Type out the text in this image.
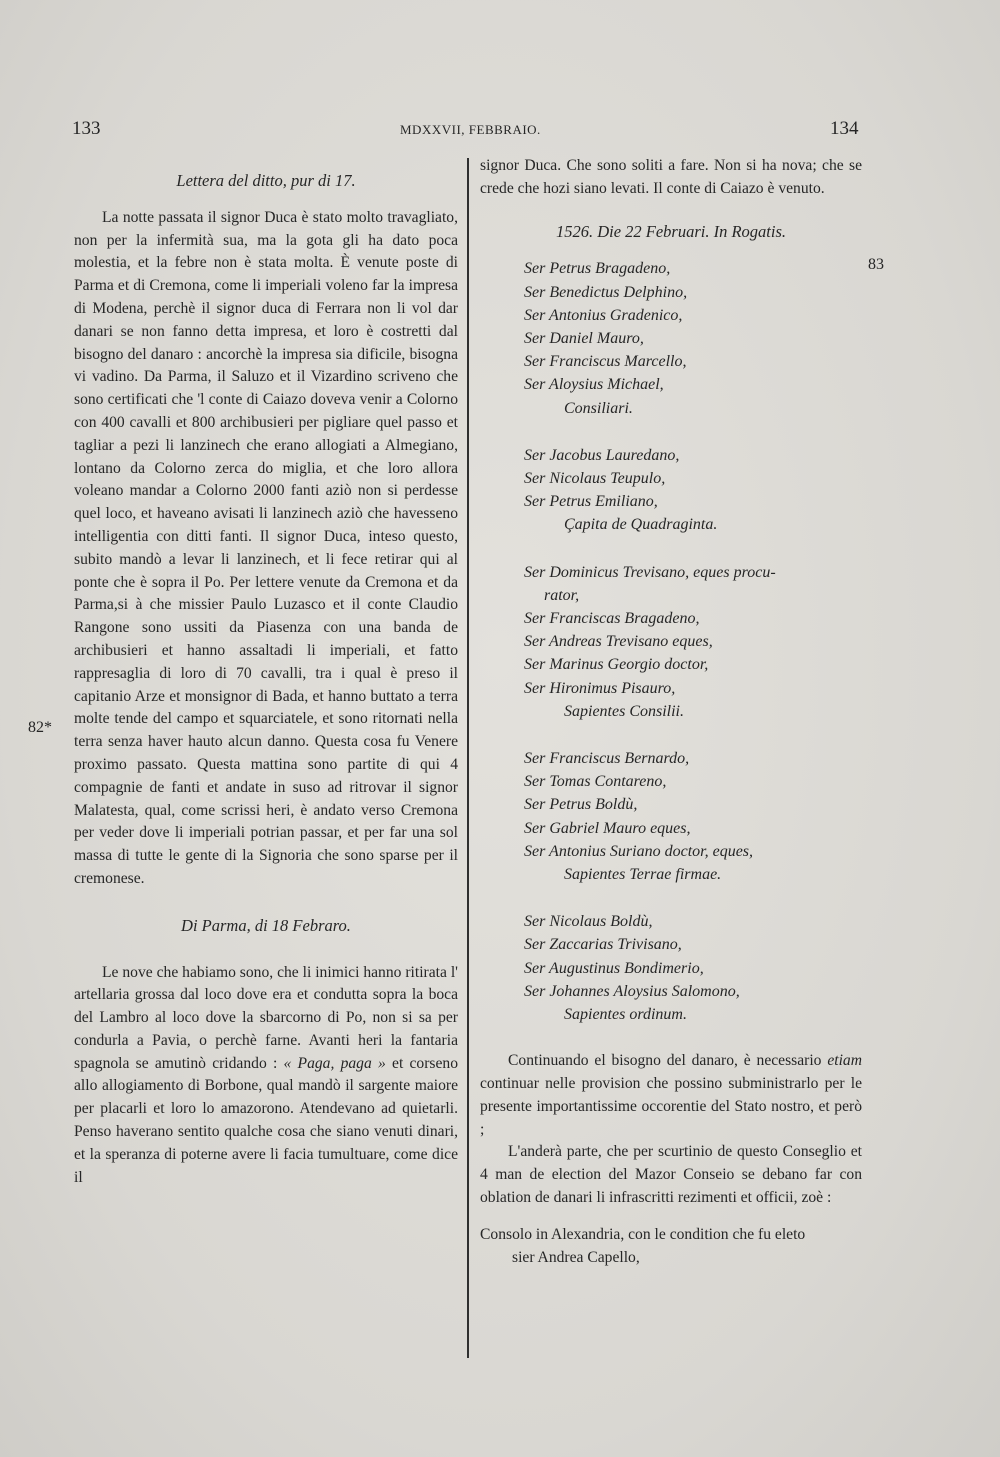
133	MDXXVII, FEBBRAIO.	134
82*
83

Lettera del ditto, pur di 17.

La notte passata il signor Duca è stato molto travagliato, non per la infermità sua, ma la gota gli ha dato poca molestia, et la febre non è stata molta. È venute poste di Parma et di Cremona, come li imperiali voleno far la impresa di Modena, perchè il signor duca di Ferrara non li vol dar danari se non fanno detta impresa, et loro è costretti dal bisogno del danaro : ancorchè la impresa sia dificile, bisogna vi vadino. Da Parma, il Saluzo et il Vizardino scriveno che sono certificati che 'l conte di Caiazo doveva venir a Colorno con 400 cavalli et 800 archibusieri per pigliare quel passo et tagliar a pezi li lanzinech che erano allogiati a Almegiano, lontano da Colorno zerca do miglia, et che loro allora voleano mandar a Colorno 2000 fanti aziò non si perdesse quel loco, et haveano avisati li lanzinech aziò che havesseno intelligentia con ditti fanti. Il signor Duca, inteso questo, subito mandò a levar li lanzinech, et li fece retirar qui al ponte che è sopra il Po. Per lettere venute da Cremona et da Parma,si à che missier Paulo Luzasco et il conte Claudio Rangone sono ussiti da Piasenza con una banda de archibusieri et hanno assaltadi li imperiali, et fatto rappresaglia di loro di 70 cavalli, tra i qual è preso il capitanio Arze et monsignor di Bada, et hanno buttato a terra molte tende del campo et squarciatele, et sono ritornati nella terra senza haver hauto alcun danno. Questa cosa fu Venere proximo passato. Questa mattina sono partite di qui 4 compagnie de fanti et andate in suso ad ritrovar il signor Malatesta, qual, come scrissi heri, è andato verso Cremona per veder dove li imperiali potrian passar, et per far una sol massa di tutte le gente di la Signoria che sono sparse per il cremonese.

Di Parma, di 18 Febraro.

Le nove che habiamo sono, che li inimici hanno ritirata l' artellaria grossa dal loco dove era et condutta sopra la boca del Lambro al loco dove la sbarcorno di Po, non si sa per condurla a Pavia, o perchè farne. Avanti heri la fantaria spagnola se amutinò cridando : « Paga, paga » et corseno allo allogiamento di Borbone, qual mandò il sargente maiore per placarli et loro lo amazorono. Atendevano ad quietarli. Penso haverano sentito qualche cosa che siano venuti dinari, et la speranza di poterne avere li facia tumultuare, come dice il

signor Duca. Che sono soliti a fare. Non si ha nova; che se crede che hozi siano levati. Il conte di Caiazo è venuto.

1526. Die 22 Februari. In Rogatis.

Ser Petrus Bragadeno,
Ser Benedictus Delphino,
Ser Antonius Gradenico,
Ser Daniel Mauro,
Ser Franciscus Marcello,
Ser Aloysius Michael,
Consiliari.
Ser Jacobus Lauredano,
Ser Nicolaus Teupulo,
Ser Petrus Emiliano,
Çapita de Quadraginta.
Ser Dominicus Trevisano, eques procu-
rator,
Ser Franciscas Bragadeno,
Ser Andreas Trevisano eques,
Ser Marinus Georgio doctor,
Ser Hironimus Pisauro,
Sapientes Consilii.
Ser Franciscus Bernardo,
Ser Tomas Contareno,
Ser Petrus Boldù,
Ser Gabriel Mauro eques,
Ser Antonius Suriano doctor, eques,
Sapientes Terrae firmae.
Ser Nicolaus Boldù,
Ser Zaccarias Trivisano,
Ser Augustinus Bondimerio,
Ser Johannes Aloysius Salomono,
Sapientes ordinum.

Continuando el bisogno del danaro, è necessario etiam continuar nelle provision che possino subministrarlo per le presente importantissime occorentie del Stato nostro, et però ;

L'anderà parte, che per scurtinio de questo Conseglio et 4 man de election del Mazor Conseio se debano far con oblation de danari li infrascritti rezimenti et officii, zoè :

Consolo in Alexandria, con le condition che fu eleto

sier Andrea Capello,
